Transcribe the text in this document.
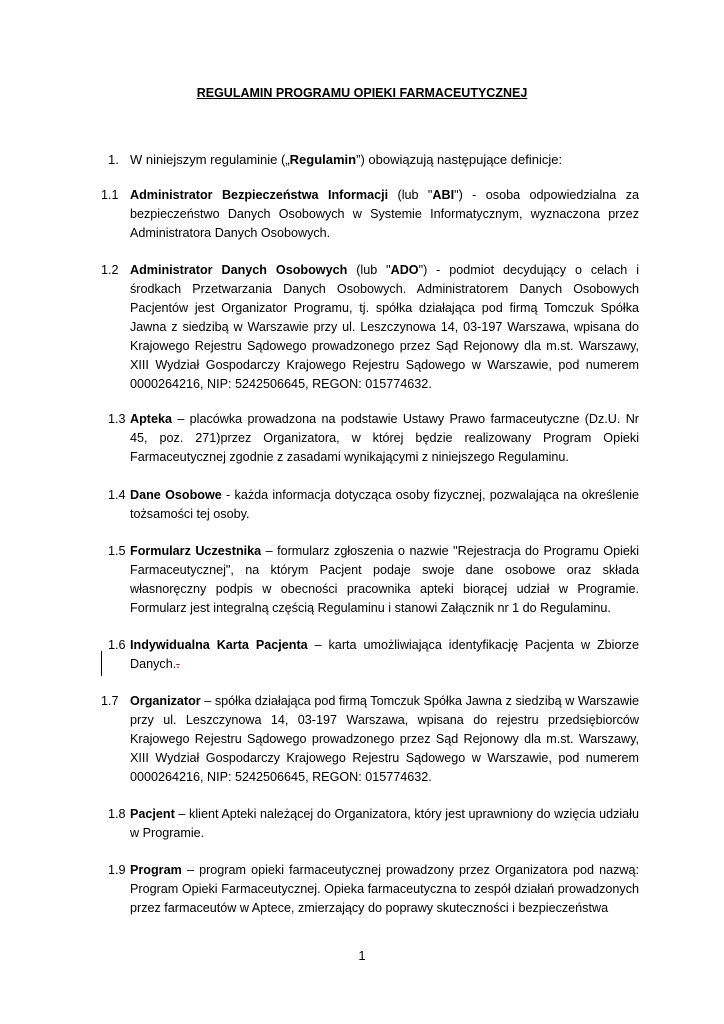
REGULAMIN PROGRAMU OPIEKI FARMACEUTYCZNEJ
1. W niniejszym regulaminie („Regulamin”) obowiązują następujące definicje:
1.1 Administrator Bezpieczeństwa Informacji (lub "ABI") - osoba odpowiedzialna za bezpieczeństwo Danych Osobowych w Systemie Informatycznym, wyznaczona przez Administratora Danych Osobowych.
1.2 Administrator Danych Osobowych (lub "ADO") - podmiot decydujący o celach i środkach Przetwarzania Danych Osobowych. Administratorem Danych Osobowych Pacjentów jest Organizator Programu, tj. spółka działająca pod firmą Tomczuk Spółka Jawna z siedzibą w Warszawie przy ul. Leszczynowa 14, 03-197 Warszawa, wpisana do Krajowego Rejestru Sądowego prowadzonego przez Sąd Rejonowy dla m.st. Warszawy, XIII Wydział Gospodarczy Krajowego Rejestru Sądowego w Warszawie, pod numerem 0000264216, NIP: 5242506645, REGON: 015774632.
1.3 Apteka – placówka prowadzona na podstawie Ustawy Prawo farmaceutyczne (Dz.U. Nr 45, poz. 271)przez Organizatora, w której będzie realizowany Program Opieki Farmaceutycznej zgodnie z zasadami wynikającymi z niniejszego Regulaminu.
1.4 Dane Osobowe - każda informacja dotycząca osoby fizycznej, pozwalająca na określenie tożsamości tej osoby.
1.5 Formularz Uczestnika – formularz zgłoszenia o nazwie "Rejestracja do Programu Opieki Farmaceutycznej", na którym Pacjent podaje swoje dane osobowe oraz składa własnoręczny podpis w obecności pracownika apteki biorącej udział w Programie. Formularz jest integralną częścią Regulaminu i stanowi Załącznik nr 1 do Regulaminu.
1.6 Indywidualna Karta Pacjenta – karta umożliwiająca identyfikację Pacjenta w Zbiorze Danych..
1.7 Organizator – spółka działająca pod firmą Tomczuk Spółka Jawna z siedzibą w Warszawie przy ul. Leszczynowa 14, 03-197 Warszawa, wpisana do rejestru przedsiębiorców Krajowego Rejestru Sądowego prowadzonego przez Sąd Rejonowy dla m.st. Warszawy, XIII Wydział Gospodarczy Krajowego Rejestru Sądowego w Warszawie, pod numerem 0000264216, NIP: 5242506645, REGON: 015774632.
1.8 Pacjent – klient Apteki należącej do Organizatora, który jest uprawniony do wzięcia udziału w Programie.
1.9 Program – program opieki farmaceutycznej prowadzony przez Organizatora pod nazwą: Program Opieki Farmaceutycznej. Opieka farmaceutyczna to zespół działań prowadzonych przez farmaceutów w Aptece, zmierzający do poprawy skuteczności i bezpieczeństwa
1
